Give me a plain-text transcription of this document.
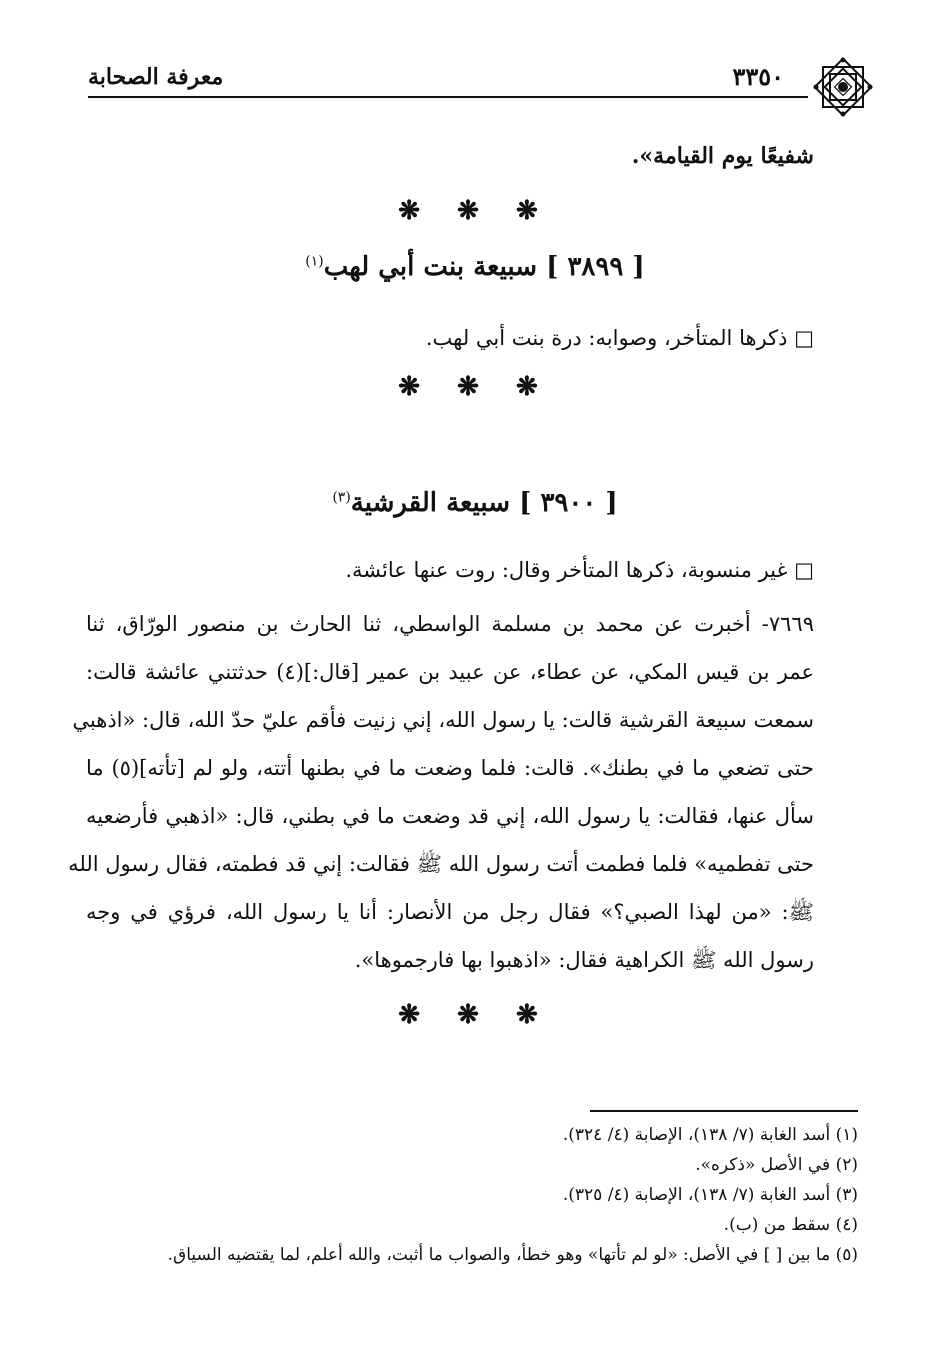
٣٣٥٠
معرفة الصحابة
شفيعًا يوم القيامة».
❋ ❋ ❋
[ ٣٨٩٩ ] سبيعة بنت أبي لهب$^{(١)}$
□ ذكرها المتأخر، وصوابه: درة بنت أبي لهب.
❋ ❋ ❋
[ ٣٩٠٠ ] سبيعة القرشية$^{(٣)}$
□ غير منسوبة، ذكرها المتأخر وقال: روت عنها عائشة.
٧٦٦٩- أخبرت عن محمد بن مسلمة الواسطي، ثنا الحارث بن منصور الورّاق، ثنا
عمر بن قيس المكي، عن عطاء، عن عبيد بن عمير [قال:](٤) حدثتني عائشة قالت:
سمعت سبيعة القرشية قالت: يا رسول الله، إني زنيت فأقم عليّ حدّ الله، قال: «اذهبي
حتى تضعي ما في بطنك». قالت: فلما وضعت ما في بطنها أتته، ولو لم [تأته](٥) ما
سأل عنها، فقالت: يا رسول الله، إني قد وضعت ما في بطني، قال: «اذهبي فأرضعيه
حتى تفطميه» فلما فطمت أتت رسول الله ﷺ فقالت: إني قد فطمته، فقال رسول الله
ﷺ: «من لهذا الصبي؟» فقال رجل من الأنصار: أنا يا رسول الله، فرؤي في وجه
رسول الله ﷺ الكراهية فقال: «اذهبوا بها فارجموها».
❋ ❋ ❋
(١) أسد الغابة (٧/ ١٣٨)، الإصابة (٤/ ٣٢٤).
(٢) في الأصل «ذكره».
(٣) أسد الغابة (٧/ ١٣٨)، الإصابة (٤/ ٣٢٥).
(٤) سقط من (ب).
(٥) ما بين [ ] في الأصل: «لو لم تأتها» وهو خطأ، والصواب ما أثبت، والله أعلم، لما يقتضيه السياق.
